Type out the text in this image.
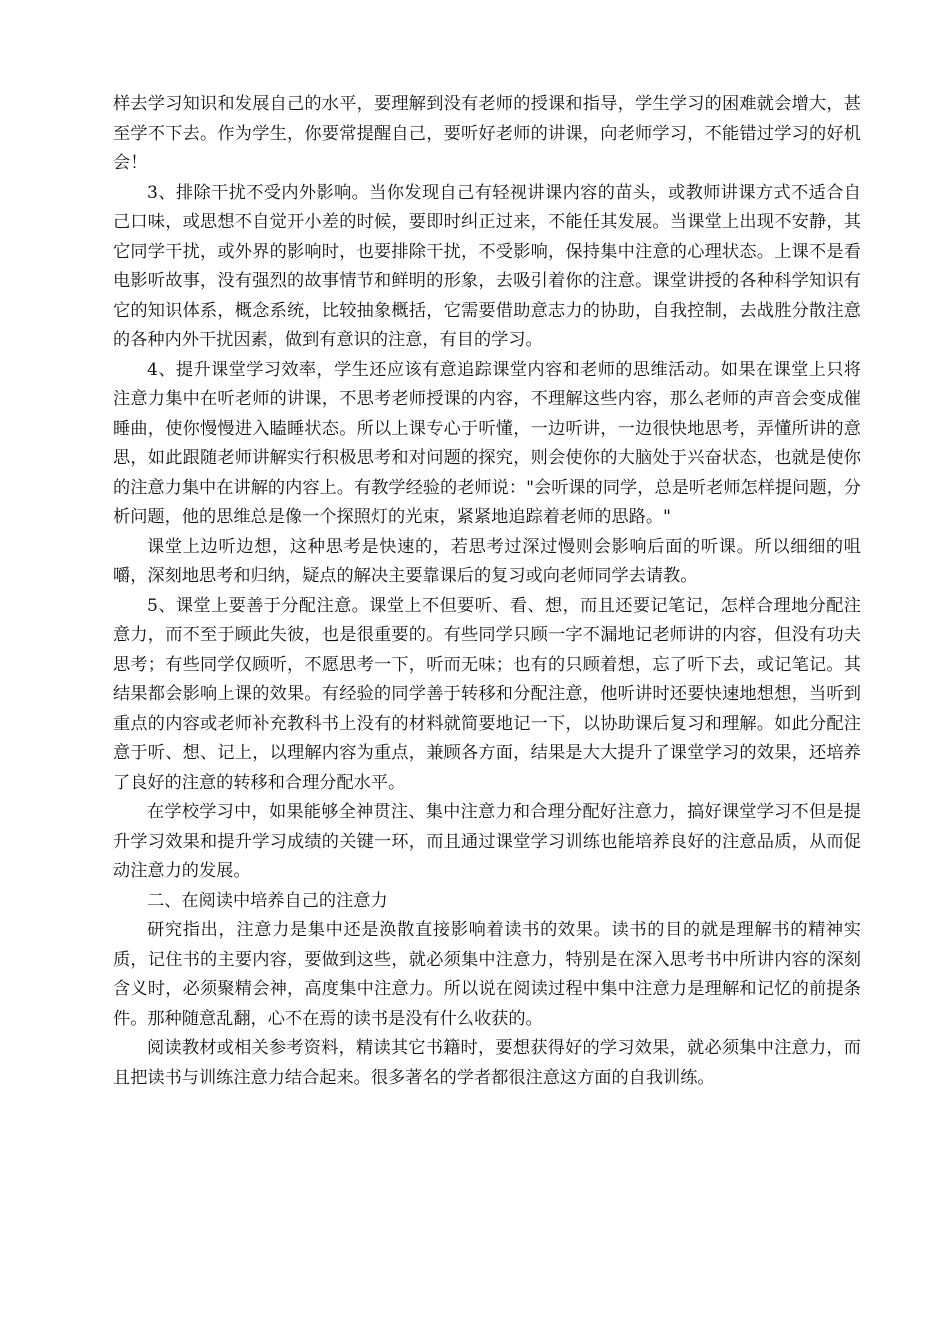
样去学习知识和发展自己的水平，要理解到没有老师的授课和指导，学生学习的困难就会增大，甚至学不下去。作为学生，你要常提醒自己，要听好老师的讲课，向老师学习，不能错过学习的好机会！

3、排除干扰不受内外影响。当你发现自己有轻视讲课内容的苗头，或教师讲课方式不适合自己口味，或思想不自觉开小差的时候，要即时纠正过来，不能任其发展。当课堂上出现不安静，其它同学干扰，或外界的影响时，也要排除干扰，不受影响，保持集中注意的心理状态。上课不是看电影听故事，没有强烈的故事情节和鲜明的形象，去吸引着你的注意。课堂讲授的各种科学知识有它的知识体系，概念系统，比较抽象概括，它需要借助意志力的协助，自我控制，去战胜分散注意的各种内外干扰因素，做到有意识的注意，有目的学习。

4、提升课堂学习效率，学生还应该有意追踪课堂内容和老师的思维活动。如果在课堂上只将注意力集中在听老师的讲课，不思考老师授课的内容，不理解这些内容，那么老师的声音会变成催睡曲，使你慢慢进入瞌睡状态。所以上课专心于听懂，一边听讲，一边很快地思考，弄懂所讲的意思，如此跟随老师讲解实行积极思考和对问题的探究，则会使你的大脑处于兴奋状态，也就是使你的注意力集中在讲解的内容上。有教学经验的老师说："会听课的同学，总是听老师怎样提问题，分析问题，他的思维总是像一个探照灯的光束，紧紧地追踪着老师的思路。"

课堂上边听边想，这种思考是快速的，若思考过深过慢则会影响后面的听课。所以细细的咀嚼，深刻地思考和归纳，疑点的解决主要靠课后的复习或向老师同学去请教。

5、课堂上要善于分配注意。课堂上不但要听、看、想，而且还要记笔记，怎样合理地分配注意力，而不至于顾此失彼，也是很重要的。有些同学只顾一字不漏地记老师讲的内容，但没有功夫思考；有些同学仅顾听，不愿思考一下，听而无味；也有的只顾着想，忘了听下去，或记笔记。其结果都会影响上课的效果。有经验的同学善于转移和分配注意，他听讲时还要快速地想想，当听到重点的内容或老师补充教科书上没有的材料就简要地记一下，以协助课后复习和理解。如此分配注意于听、想、记上，以理解内容为重点，兼顾各方面，结果是大大提升了课堂学习的效果，还培养了良好的注意的转移和合理分配水平。

在学校学习中，如果能够全神贯注、集中注意力和合理分配好注意力，搞好课堂学习不但是提升学习效果和提升学习成绩的关键一环，而且通过课堂学习训练也能培养良好的注意品质，从而促动注意力的发展。

二、在阅读中培养自己的注意力

研究指出，注意力是集中还是涣散直接影响着读书的效果。读书的目的就是理解书的精神实质，记住书的主要内容，要做到这些，就必须集中注意力，特别是在深入思考书中所讲内容的深刻含义时，必须聚精会神，高度集中注意力。所以说在阅读过程中集中注意力是理解和记忆的前提条件。那种随意乱翻，心不在焉的读书是没有什么收获的。

阅读教材或相关参考资料，精读其它书籍时，要想获得好的学习效果，就必须集中注意力，而且把读书与训练注意力结合起来。很多著名的学者都很注意这方面的自我训练。
